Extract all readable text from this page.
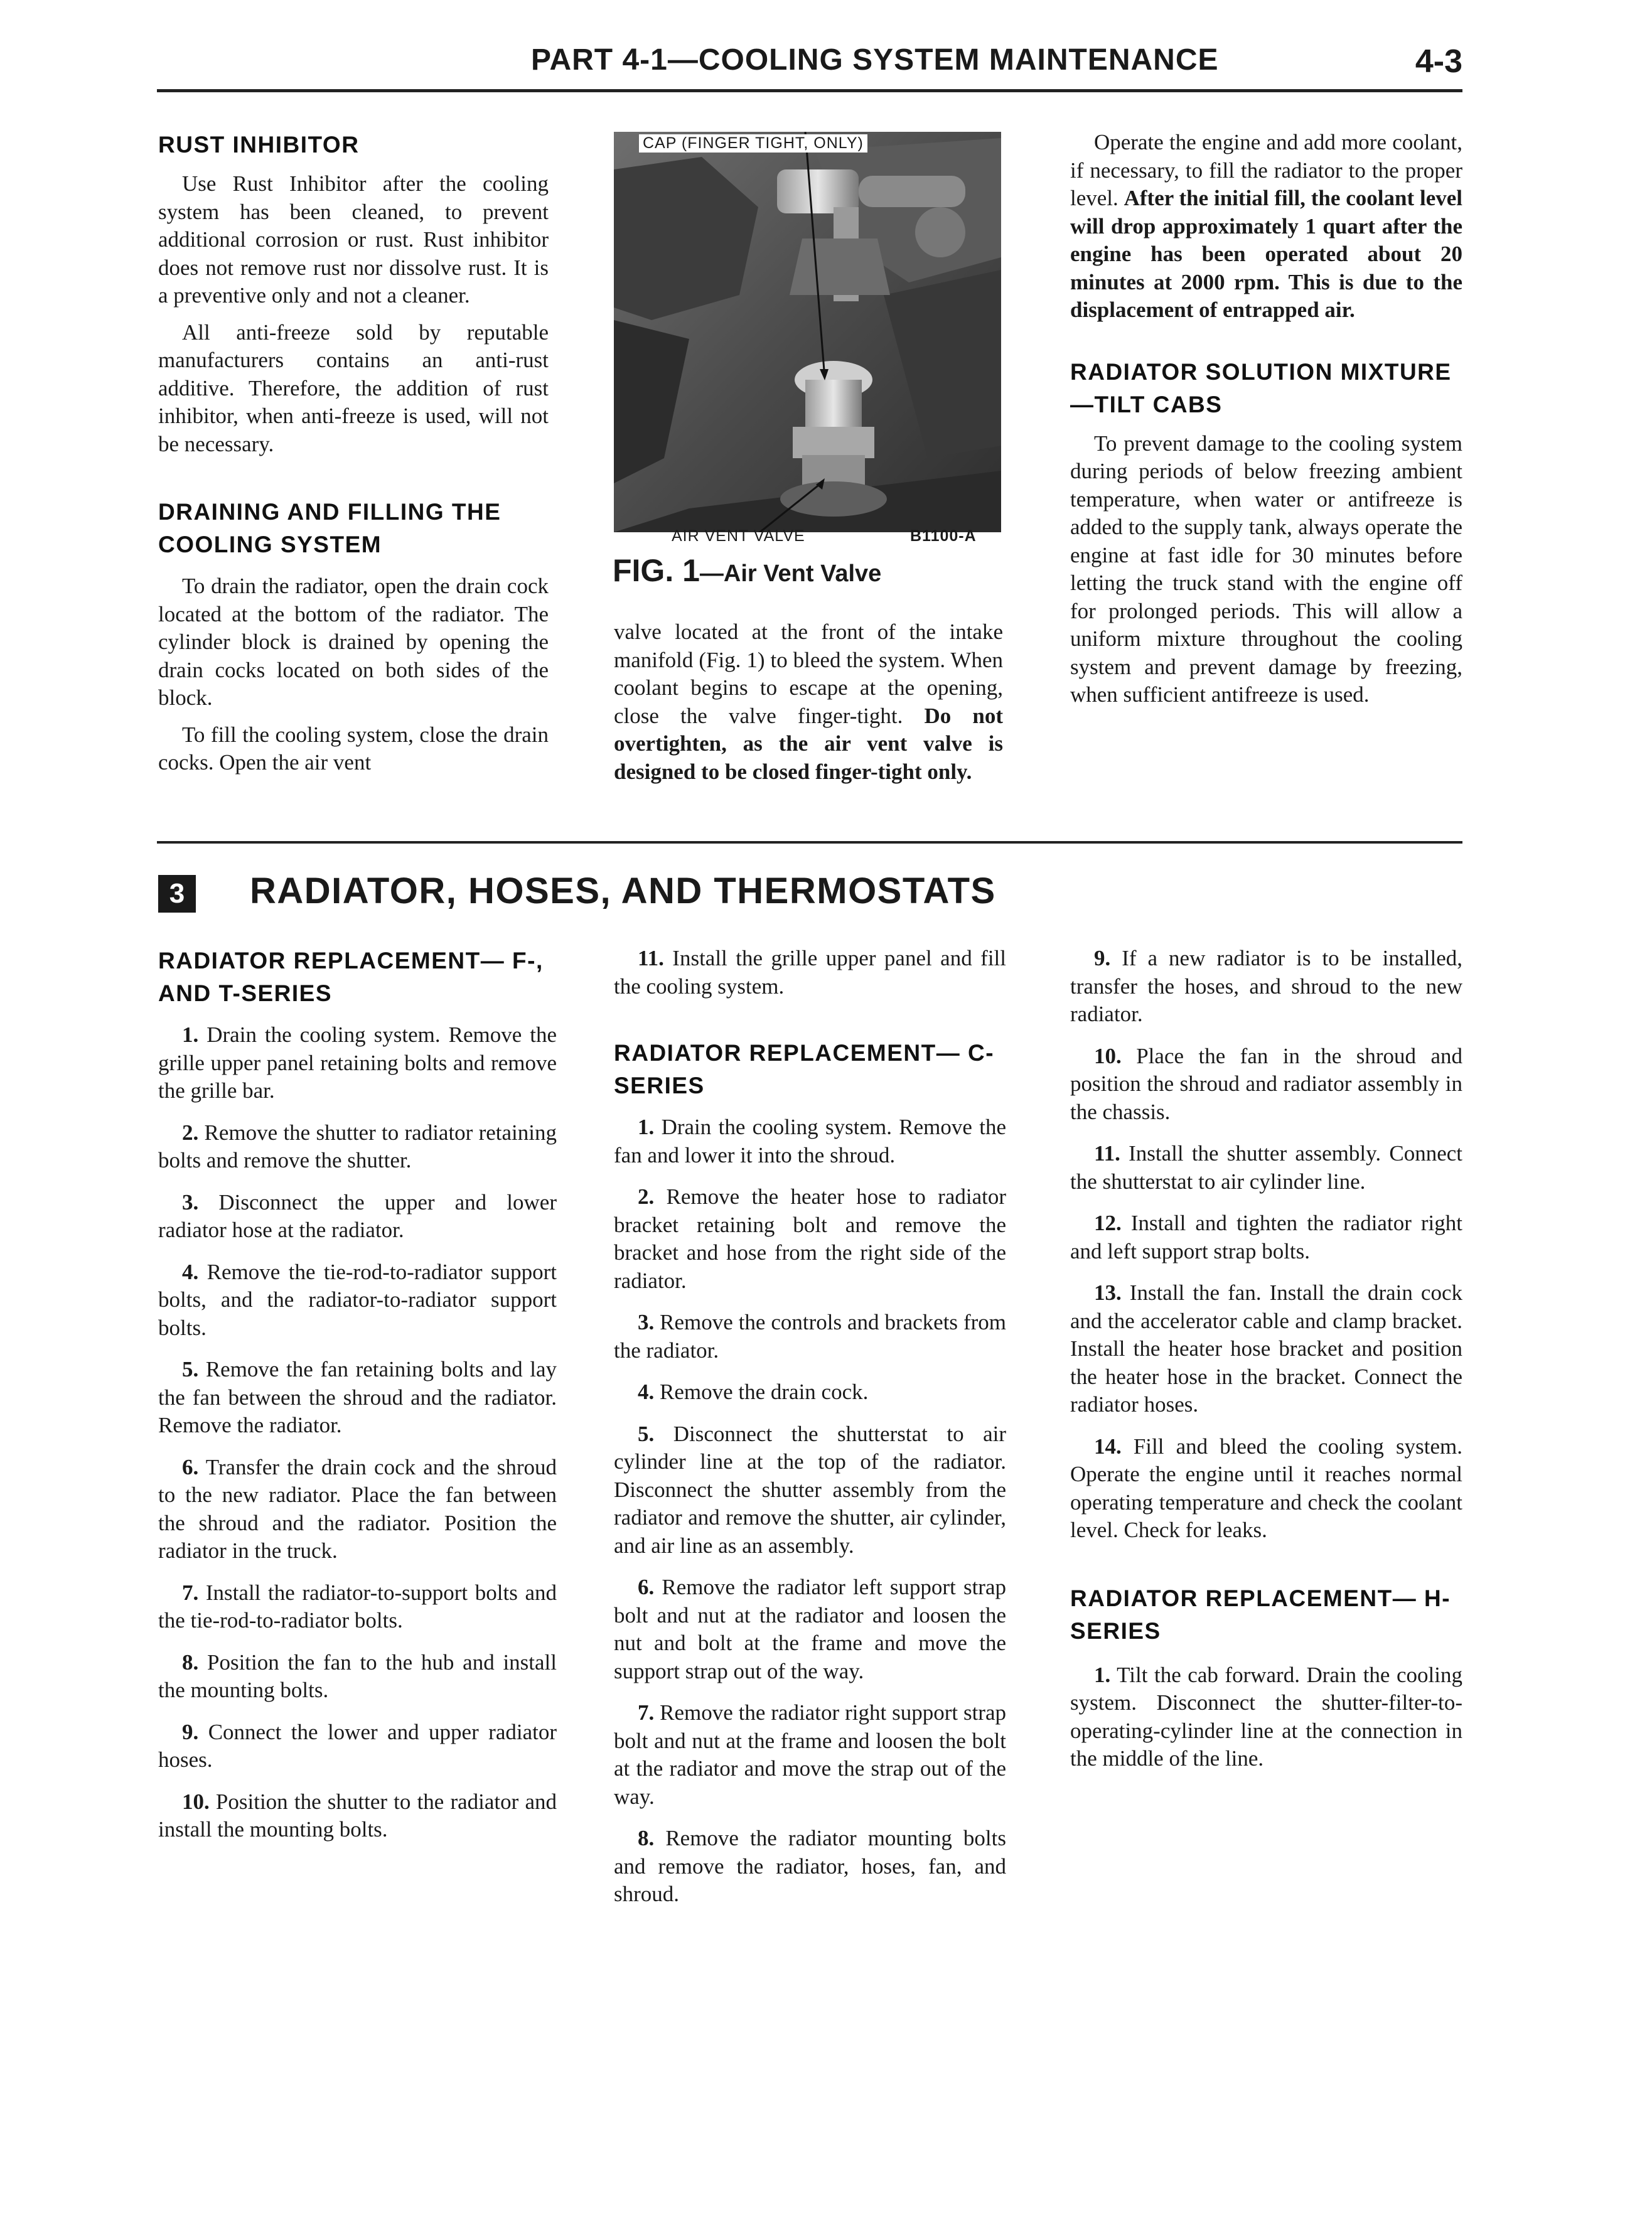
PART 4-1—COOLING SYSTEM MAINTENANCE	4-3
RUST INHIBITOR

Use Rust Inhibitor after the cooling system has been cleaned, to prevent additional corrosion or rust. Rust inhibitor does not remove rust nor dissolve rust. It is a preventive only and not a cleaner.

All anti-freeze sold by reputable manufacturers contains an anti-rust additive. Therefore, the addition of rust inhibitor, when anti-freeze is used, will not be necessary.

DRAINING AND FILLING THE COOLING SYSTEM

To drain the radiator, open the drain cock located at the bottom of the radiator. The cylinder block is drained by opening the drain cocks located on both sides of the block.

To fill the cooling system, close the drain cocks. Open the air vent

CAP (FINGER TIGHT, ONLY)
AIR VENT VALVE	B1100-A
FIG. 1—Air Vent Valve

valve located at the front of the intake manifold (Fig. 1) to bleed the system. When coolant begins to escape at the opening, close the valve finger-tight. Do not overtighten, as the air vent valve is designed to be closed finger-tight only.

Operate the engine and add more coolant, if necessary, to fill the radiator to the proper level. After the initial fill, the coolant level will drop approximately 1 quart after the engine has been operated about 20 minutes at 2000 rpm. This is due to the displacement of entrapped air.

RADIATOR SOLUTION MIXTURE—TILT CABS

To prevent damage to the cooling system during periods of below freezing ambient temperature, when water or antifreeze is added to the supply tank, always operate the engine at fast idle for 30 minutes before letting the truck stand with the engine off for prolonged periods. This will allow a uniform mixture throughout the cooling system and prevent damage by freezing, when sufficient antifreeze is used.

3	RADIATOR, HOSES, AND THERMOSTATS
RADIATOR REPLACEMENT— F-, AND T-SERIES

1. Drain the cooling system. Remove the grille upper panel retaining bolts and remove the grille bar.

2. Remove the shutter to radiator retaining bolts and remove the shutter.

3. Disconnect the upper and lower radiator hose at the radiator.

4. Remove the tie-rod-to-radiator support bolts, and the radiator-to-radiator support bolts.

5. Remove the fan retaining bolts and lay the fan between the shroud and the radiator. Remove the radiator.

6. Transfer the drain cock and the shroud to the new radiator. Place the fan between the shroud and the radiator. Position the radiator in the truck.

7. Install the radiator-to-support bolts and the tie-rod-to-radiator bolts.

8. Position the fan to the hub and install the mounting bolts.

9. Connect the lower and upper radiator hoses.

10. Position the shutter to the radiator and install the mounting bolts.

11. Install the grille upper panel and fill the cooling system.

RADIATOR REPLACEMENT— C-SERIES

1. Drain the cooling system. Remove the fan and lower it into the shroud.

2. Remove the heater hose to radiator bracket retaining bolt and remove the bracket and hose from the right side of the radiator.

3. Remove the controls and brackets from the radiator.

4. Remove the drain cock.

5. Disconnect the shutterstat to air cylinder line at the top of the radiator. Disconnect the shutter assembly from the radiator and remove the shutter, air cylinder, and air line as an assembly.

6. Remove the radiator left support strap bolt and nut at the radiator and loosen the nut and bolt at the frame and move the support strap out of the way.

7. Remove the radiator right support strap bolt and nut at the frame and loosen the bolt at the radiator and move the strap out of the way.

8. Remove the radiator mounting bolts and remove the radiator, hoses, fan, and shroud.

9. If a new radiator is to be installed, transfer the hoses, and shroud to the new radiator.

10. Place the fan in the shroud and position the shroud and radiator assembly in the chassis.

11. Install the shutter assembly. Connect the shutterstat to air cylinder line.

12. Install and tighten the radiator right and left support strap bolts.

13. Install the fan. Install the drain cock and the accelerator cable and clamp bracket. Install the heater hose bracket and position the heater hose in the bracket. Connect the radiator hoses.

14. Fill and bleed the cooling system. Operate the engine until it reaches normal operating temperature and check the coolant level. Check for leaks.

RADIATOR REPLACEMENT— H-SERIES

1. Tilt the cab forward. Drain the cooling system. Disconnect the shutter-filter-to-operating-cylinder line at the connection in the middle of the line.
